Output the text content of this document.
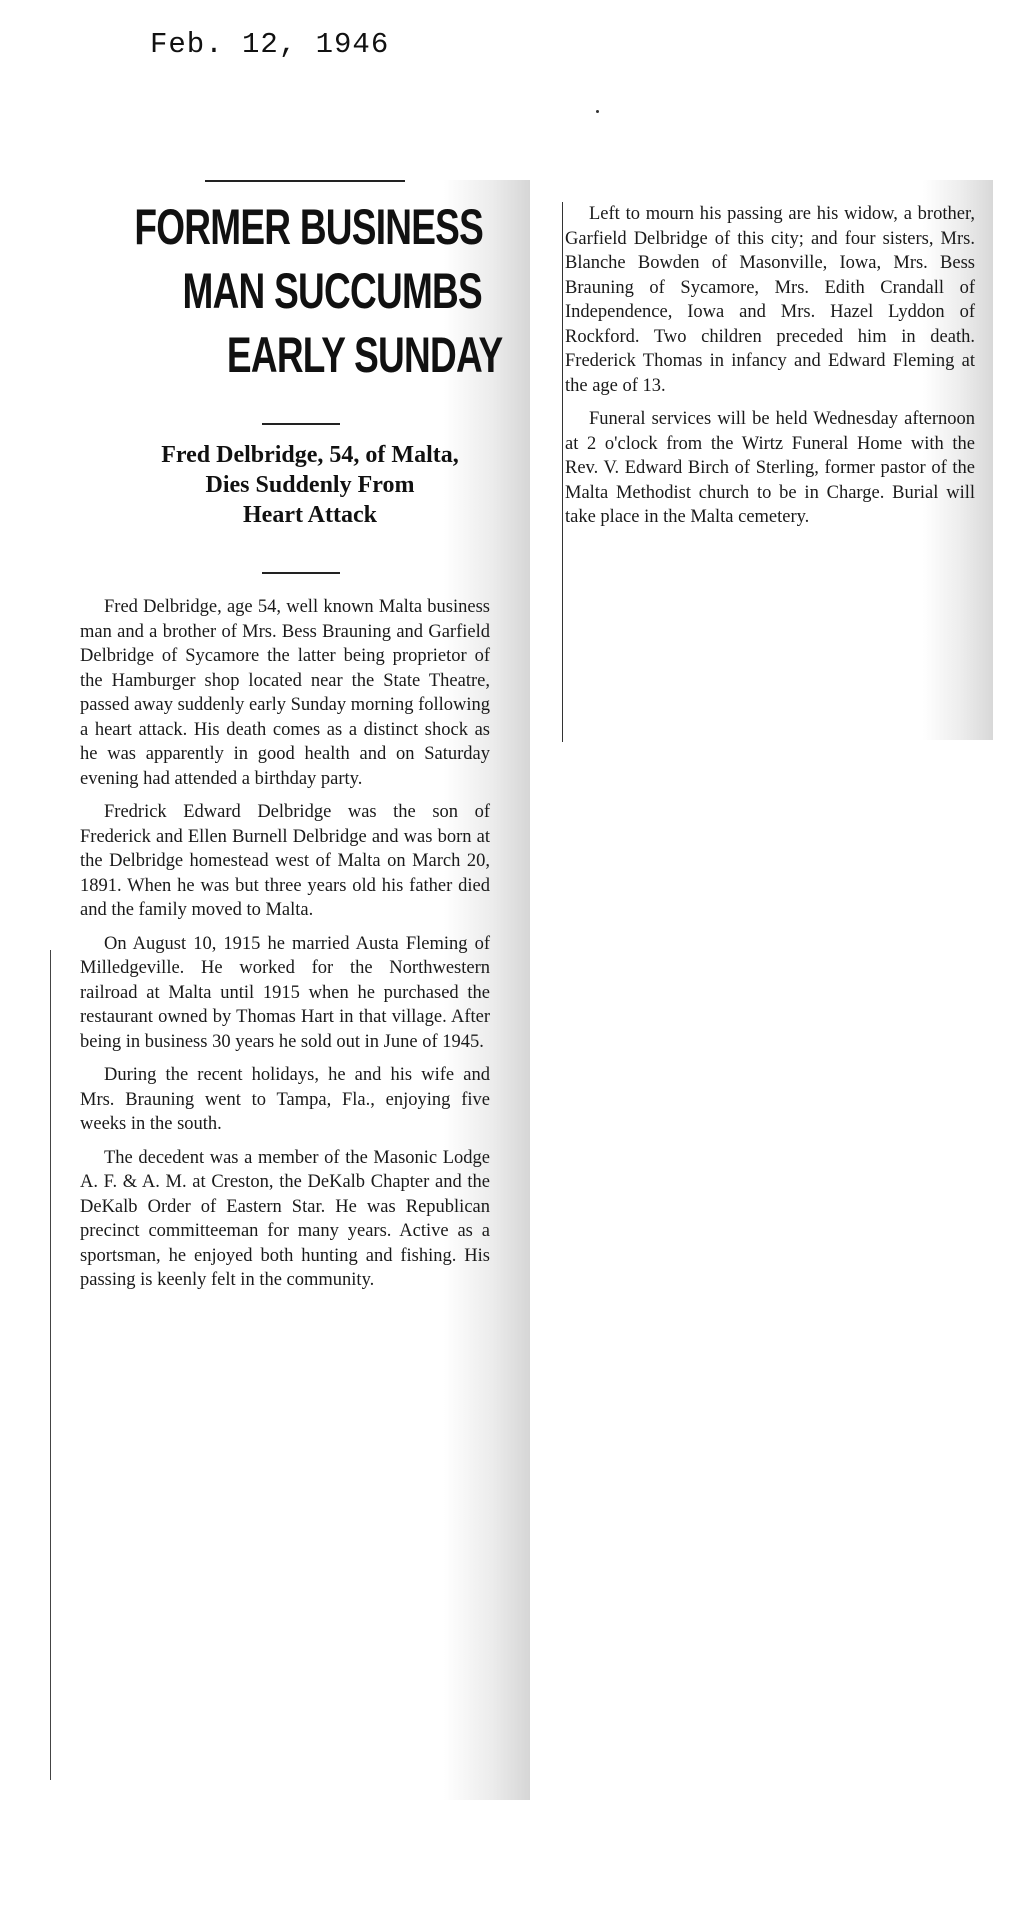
Feb. 12, 1946
FORMER BUSINESS
MAN SUCCUMBS
EARLY SUNDAY
Fred Delbridge, 54, of Malta,
Dies Suddenly From
Heart Attack

Fred Delbridge, age 54, well known Malta business man and a brother of Mrs. Bess Brauning and Garfield Delbridge of Sycamore the latter being proprietor of the Hamburger shop located near the State Theatre, passed away suddenly early Sunday morning following a heart attack. His death comes as a distinct shock as he was apparently in good health and on Saturday evening had attended a birthday party.

Fredrick Edward Delbridge was the son of Frederick and Ellen Burnell Delbridge and was born at the Delbridge homestead west of Malta on March 20, 1891. When he was but three years old his father died and the family moved to Malta.

On August 10, 1915 he married Austa Fleming of Milledgeville. He worked for the Northwestern railroad at Malta until 1915 when he purchased the restaurant owned by Thomas Hart in that village. After being in business 30 years he sold out in June of 1945.

During the recent holidays, he and his wife and Mrs. Brauning went to Tampa, Fla., enjoying five weeks in the south.

The decedent was a member of the Masonic Lodge A. F. & A. M. at Creston, the DeKalb Chapter and the DeKalb Order of Eastern Star. He was Republican precinct committeeman for many years. Active as a sportsman, he enjoyed both hunting and fishing. His passing is keenly felt in the community.

Left to mourn his passing are his widow, a brother, Garfield Delbridge of this city; and four sisters, Mrs. Blanche Bowden of Masonville, Iowa, Mrs. Bess Brauning of Sycamore, Mrs. Edith Crandall of Independence, Iowa and Mrs. Hazel Lyddon of Rockford. Two children preceded him in death. Frederick Thomas in infancy and Edward Fleming at the age of 13.

Funeral services will be held Wednesday afternoon at 2 o'clock from the Wirtz Funeral Home with the Rev. V. Edward Birch of Sterling, former pastor of the Malta Methodist church to be in Charge. Burial will take place in the Malta cemetery.
